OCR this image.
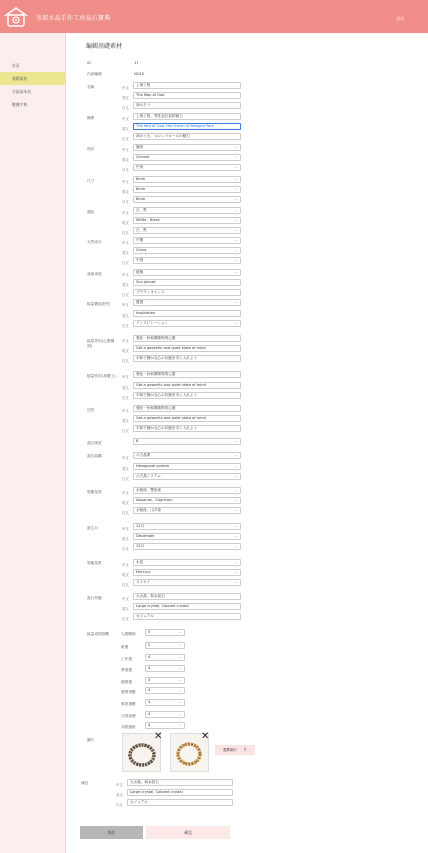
釜郎水晶手作工房晶石寶典	登出
首頁
基礎素材
水晶基本表
數據字典
編輯基礎素材
ID	17
內部編號	NO10
名稱	中文
上海工程
英文
The Man of God
日文
神のろう
簡要	中文
上海工程，男性品位氣的魅力
英文
The fate of God, the charm of Bologna Park
日文
神のうろ，ロロッパロールの魅力
形状	中文
圓形 ⌄
英文
Circular ⌄
日文
円形 ⌄
尺寸	中文
8mm ⌄
英文
8mm ⌄
日文
8mm ⌄
顏色	中文
白、黑 ⌄
英文
White、Black ⌄
日文
白、黒 ⌄
天然成分	中文
中國 ⌄
英文
China ⌄
日文
中国 ⌄
產地來源	中文
藍鯨 ⌄
英文
Sun planet
日文
ブラウンキャンス
能量價值/特性	中文
靈感 ⌄
英文
Inspiration
日文
インスピレーション ⌄
能量作用(心靈層面)
中文
強化一份和潤事物的心靈
英文
Get a peaceful and quiet state of mind
日文
平和で静かな心の状態を手に入れよう
能量作用(身體上)	中文
強化一份和潤事物的心靈
英文
Get a powerful and quiet state of mind
日文
平和で静かな心の状態を手に入れよう
功效	中文
強化一份和潤事物的心靈
英文
Get a powerful and quiet state of mind
日文
平和で静かな心の状態を手に入れよう
晶石硬度	8 ⌄
晶石結構	中文
六方晶系 ⌄
英文
Hexagonal system ⌄
日文
六方晶システム ⌄
對應星座	中文
水瓶座、雙魚座 ⌄
英文
Aquarius、Capricorn ⌄
日文
水瓶座、山羊座 ⌄
誕生月	中文
12月 ⌄
英文
December ⌄
日文
12月 ⌄
對應星系	中文
水星 ⌄
英文
Mercury ⌄
日文
スイセイ ⌄
晶石形態	中文
大水晶、和水晶石
英文
Large crystal, Colored crystal
日文
カジュアル
能量表現指數	人際關係	5 ⌄
財運	2 ⌄
工作運	4 ⌄
學業運	4 ⌄
健康運	3 ⌄
感情指數	4 ⌄
事業指數	4 ⌄
功勞資歷	4 ⌄
非我運術	4 ⌄
圖片	✕	✕
選擇圖片 ⇪
備註	中文
大水晶、和水晶石
英文
Large crystal, Colored crystal
日文
カジュアル
保存	確認
